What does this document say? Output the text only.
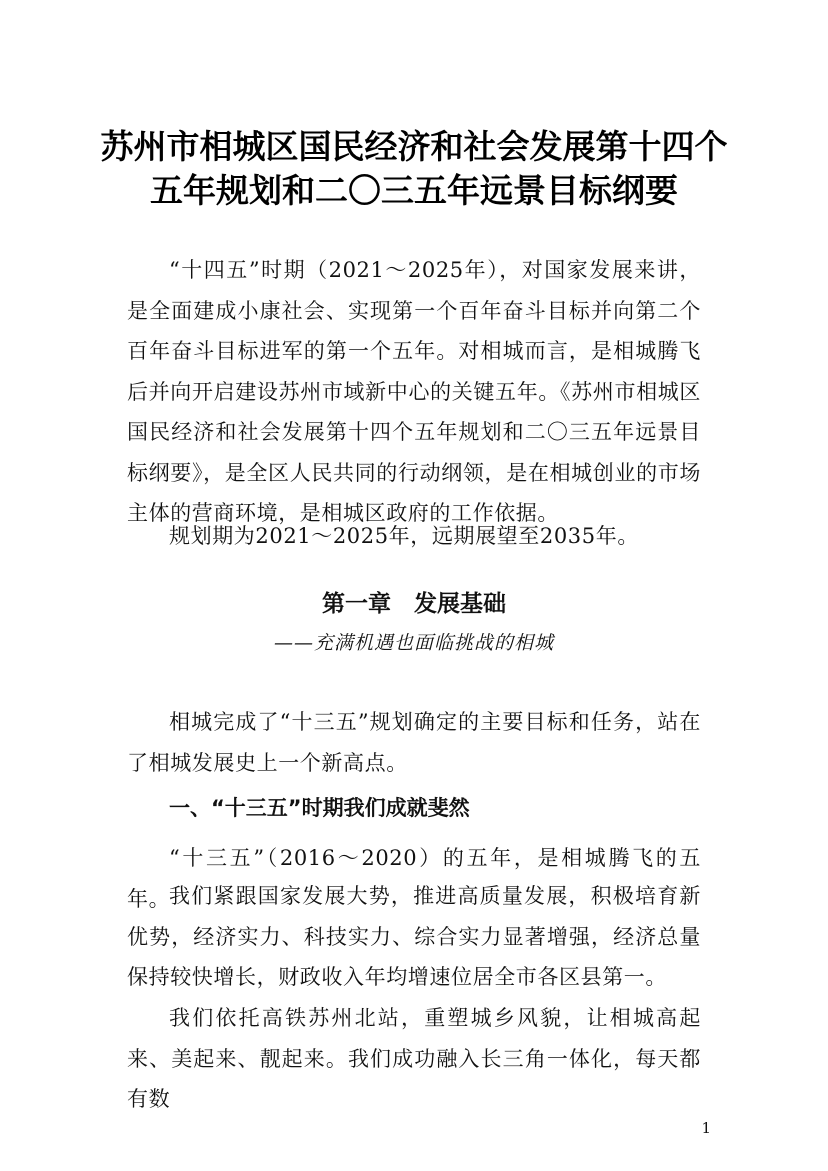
苏州市相城区国民经济和社会发展第十四个
五年规划和二〇三五年远景目标纲要

“十四五”时期（2021～2025年），对国家发展来讲，是全面建成小康社会、实现第一个百年奋斗目标并向第二个百年奋斗目标进军的第一个五年。对相城而言，是相城腾飞后并向开启建设苏州市域新中心的关键五年。《苏州市相城区国民经济和社会发展第十四个五年规划和二〇三五年远景目标纲要》，是全区人民共同的行动纲领，是在相城创业的市场主体的营商环境，是相城区政府的工作依据。

规划期为2021～2025年，远期展望至2035年。

第一章　发展基础
——充满机遇也面临挑战的相城

相城完成了“十三五”规划确定的主要目标和任务，站在了相城发展史上一个新高点。

一、“十三五”时期我们成就斐然

“十三五”（2016～2020）的五年，是相城腾飞的五年。

我们紧跟国家发展大势，推进高质量发展，积极培育新优势，经济实力、科技实力、综合实力显著增强，经济总量保持较快增长，财政收入年均增速位居全市各区县第一。

我们依托高铁苏州北站，重塑城乡风貌，让相城高起来、美起来、靓起来。我们成功融入长三角一体化，每天都有数

1
